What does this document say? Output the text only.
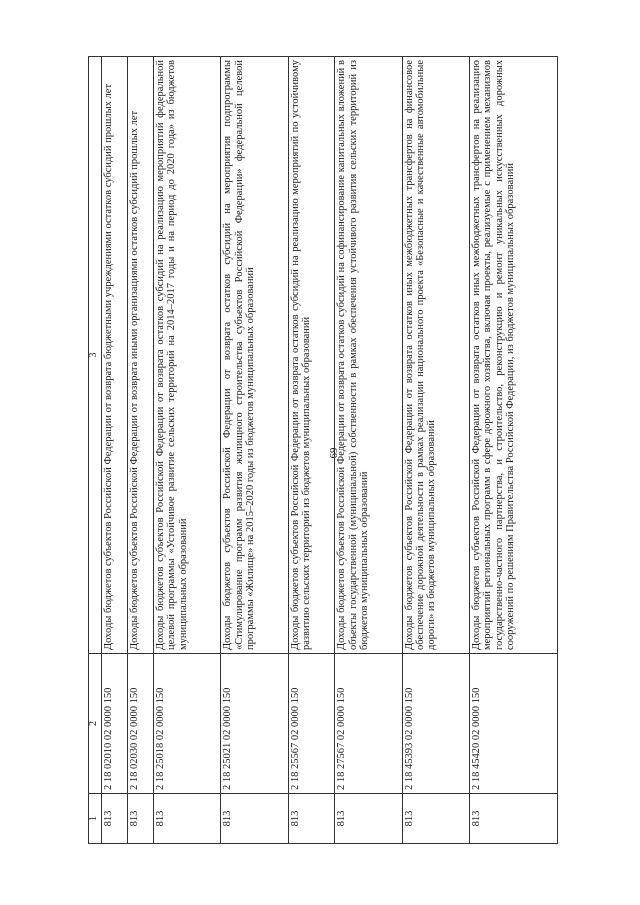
69
1	2	3
813	2 18 02010 02 0000 150	Доходы бюджетов субъектов Российской Федерации от возврата бюджетными учреждениями остатков субсидий прошлых лет
813	2 18 02030 02 0000 150	Доходы бюджетов субъектов Российской Федерации от возврата иными организациями остатков субсидий прошлых лет
813	2 18 25018 02 0000 150	Доходы бюджетов субъектов Российской Федерации от возврата остатков субсидий на реализацию мероприятий федеральной целевой программы «Устойчивое развитие сельских территорий на 2014–2017 годы и на период до 2020 года» из бюджетов муниципальных образований
813	2 18 25021 02 0000 150	Доходы бюджетов субъектов Российской Федерации от возврата остатков субсидий на мероприятия подпрограммы «Стимулирование программ развития жилищного строительства субъектов Российской Федерации» федеральной целевой программы «Жилище» на 2015–2020 годы из бюджетов муниципальных образований
813	2 18 25567 02 0000 150	Доходы бюджетов субъектов Российской Федерации от возврата остатков субсидий на реализацию мероприятий по устойчивому развитию сельских территорий из бюджетов муниципальных образований
813	2 18 27567 02 0000 150	Доходы бюджетов субъектов Российской Федерации от возврата остатков субсидий на софинансирование капитальных вложений в объекты государственной (муниципальной) собственности в рамках обеспечения устойчивого развития сельских территорий из бюджетов муниципальных образований
813	2 18 45393 02 0000 150	Доходы бюджетов субъектов Российской Федерации от возврата остатков иных межбюджетных трансфертов на финансовое обеспечение дорожной деятельности в рамках реализации национального проекта «Безопасные и качественные автомобильные дороги» из бюджетов муниципальных образований
813	2 18 45420 02 0000 150	Доходы бюджетов субъектов Российской Федерации от возврата остатков иных межбюджетных трансфертов на реализацию мероприятий региональных программ в сфере дорожного хозяйства, включая проекты, реализуемые с применением механизмов государственно-частного партнерства, и строительство, реконструкцию и ремонт уникальных искусственных дорожных сооружений по решениям Правительства Российской Федерации, из бюджетов муниципальных образований
